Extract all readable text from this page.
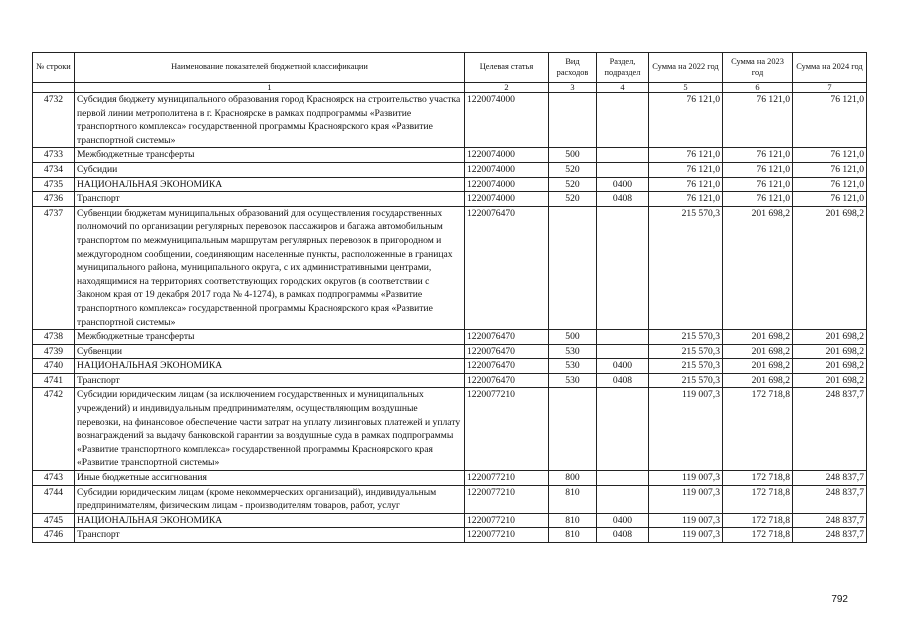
№ строки	Наименование показателей бюджетной классификации	Целевая статья	Вид расходов	Раздел, подраздел	Сумма на 2022 год	Сумма на 2023 год	Сумма на 2024 год
	1	2	3	4	5	6	7
4732	Субсидия бюджету муниципального образования город Красноярск на строительство участка первой линии метрополитена в г. Красноярске в рамках подпрограммы «Развитие транспортного комплекса» государственной программы Красноярского края «Развитие транспортной системы»	1220074000			76 121,0	76 121,0	76 121,0
4733	Межбюджетные трансферты	1220074000	500		76 121,0	76 121,0	76 121,0
4734	Субсидии	1220074000	520		76 121,0	76 121,0	76 121,0
4735	НАЦИОНАЛЬНАЯ ЭКОНОМИКА	1220074000	520	0400	76 121,0	76 121,0	76 121,0
4736	Транспорт	1220074000	520	0408	76 121,0	76 121,0	76 121,0
4737	Субвенции бюджетам муниципальных образований для осуществления государственных полномочий по организации регулярных перевозок пассажиров и багажа автомобильным транспортом по межмуниципальным маршрутам регулярных перевозок в пригородном и междугородном сообщении, соединяющим населенные пункты, расположенные в границах муниципального района, муниципального округа, с их административными центрами, находящимися на территориях соответствующих городских округов (в соответствии с Законом края от 19 декабря 2017 года № 4-1274), в рамках подпрограммы «Развитие транспортного комплекса» государственной программы Красноярского края «Развитие транспортной системы»	1220076470			215 570,3	201 698,2	201 698,2
4738	Межбюджетные трансферты	1220076470	500		215 570,3	201 698,2	201 698,2
4739	Субвенции	1220076470	530		215 570,3	201 698,2	201 698,2
4740	НАЦИОНАЛЬНАЯ ЭКОНОМИКА	1220076470	530	0400	215 570,3	201 698,2	201 698,2
4741	Транспорт	1220076470	530	0408	215 570,3	201 698,2	201 698,2
4742	Субсидии юридическим лицам (за исключением государственных и муниципальных учреждений) и индивидуальным предпринимателям, осуществляющим воздушные перевозки, на финансовое обеспечение части затрат на уплату лизинговых платежей и уплату вознаграждений за выдачу банковской гарантии за воздушные суда в рамках подпрограммы «Развитие транспортного комплекса» государственной программы Красноярского края «Развитие транспортной системы»	1220077210			119 007,3	172 718,8	248 837,7
4743	Иные бюджетные ассигнования	1220077210	800		119 007,3	172 718,8	248 837,7
4744	Субсидии юридическим лицам (кроме некоммерческих организаций), индивидуальным предпринимателям, физическим лицам - производителям товаров, работ, услуг	1220077210	810		119 007,3	172 718,8	248 837,7
4745	НАЦИОНАЛЬНАЯ ЭКОНОМИКА	1220077210	810	0400	119 007,3	172 718,8	248 837,7
4746	Транспорт	1220077210	810	0408	119 007,3	172 718,8	248 837,7
792
